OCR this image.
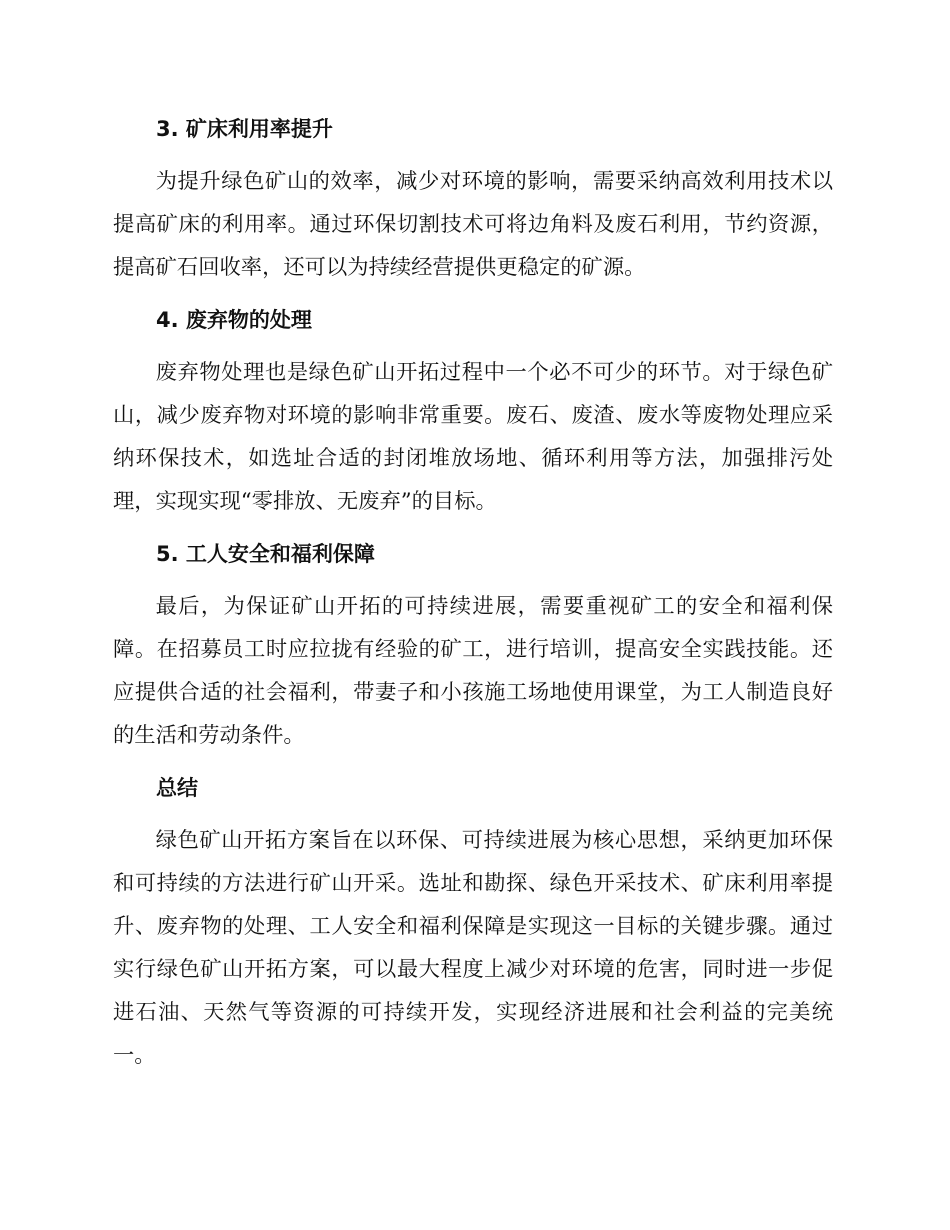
3. 矿床利用率提升

为提升绿色矿山的效率，减少对环境的影响，需要采纳高效利用技术以提高矿床的利用率。通过环保切割技术可将边角料及废石利用，节约资源，提高矿石回收率，还可以为持续经营提供更稳定的矿源。

4. 废弃物的处理

废弃物处理也是绿色矿山开拓过程中一个必不可少的环节。对于绿色矿山，减少废弃物对环境的影响非常重要。废石、废渣、废水等废物处理应采纳环保技术，如选址合适的封闭堆放场地、循环利用等方法，加强排污处理，实现实现“零排放、无废弃”的目标。

5. 工人安全和福利保障

最后，为保证矿山开拓的可持续进展，需要重视矿工的安全和福利保障。在招募员工时应拉拢有经验的矿工，进行培训，提高安全实践技能。还应提供合适的社会福利，带妻子和小孩施工场地使用课堂，为工人制造良好的生活和劳动条件。

总结

绿色矿山开拓方案旨在以环保、可持续进展为核心思想，采纳更加环保和可持续的方法进行矿山开采。选址和勘探、绿色开采技术、矿床利用率提升、废弃物的处理、工人安全和福利保障是实现这一目标的关键步骤。通过实行绿色矿山开拓方案，可以最大程度上减少对环境的危害，同时进一步促进石油、天然气等资源的可持续开发，实现经济进展和社会利益的完美统一。
